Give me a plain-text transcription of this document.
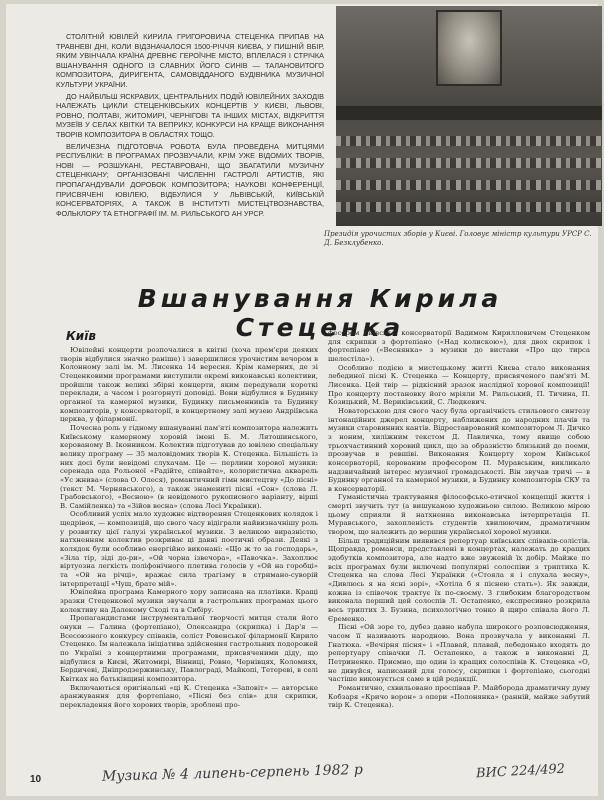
СТОЛІТНІЙ ЮВІЛЕЙ КИРИЛА ГРИГОРОВИЧА СТЕЦЕНКА ПРИПАВ НА ТРАВНЕВІ ДНІ, КОЛИ ВІДЗНАЧАЛОСЯ 1500-РІЧЧЯ КИЄВА, У ПИШНІЙ ВБІР, ЯКИМ УВІНЧАЛА КРАЇНА ДРЕВНЄ ГЕРОЇЧНЕ МІСТО, ВПЛЕЛАСЯ І СТРІЧКА ВШАНУВАННЯ ОДНОГО ІЗ СЛАВНИХ ЙОГО СИНІВ — ТАЛАНОВИТОГО КОМПОЗИТОРА, ДИРИГЕНТА, САМОВІДДАНОГО БУДІВНИКА МУЗИЧНОЇ КУЛЬТУРИ УКРАЇНИ.

ДО НАЙБІЛЬШ ЯСКРАВИХ, ЦЕНТРАЛЬНИХ ПОДІЙ ЮВІЛЕЙНИХ ЗАХОДІВ НАЛЕЖАТЬ ЦИКЛИ СТЕЦЕНКІВСЬКИХ КОНЦЕРТІВ У КИЄВІ, ЛЬВОВІ, РОВНО, ПОЛТАВІ, ЖИТОМИРІ, ЧЕРНІГОВІ ТА ІНШИХ МІСТАХ, ВІДКРИТТЯ МУЗЕЇВ У СЕЛАХ КВІТКИ ТА ВЕПРИКУ, КОНКУРСИ НА КРАЩЕ ВИКОНАННЯ ТВОРІВ КОМПОЗИТОРА В ОБЛАСТЯХ ТОЩО.

ВЕЛИЧЕЗНА ПІДГОТОВЧА РОБОТА БУЛА ПРОВЕДЕНА МИТЦЯМИ РЕСПУБЛІКИ: В ПРОГРАМАХ ПРОЗВУЧАЛИ, КРІМ УЖЕ ВІДОМИХ ТВОРІВ, НОВІ — РОЗШУКАНІ, РЕСТАВРОВАНІ, ЩО ЗБАГАТИЛИ МУЗИЧНУ СТЕЦЕНКІАНУ; ОРГАНІЗОВАНІ ЧИСЛЕННІ ГАСТРОЛІ АРТИСТІВ, ЯКІ ПРОПАГАНДУВАЛИ ДОРОБОК КОМПОЗИТОРА; НАУКОВІ КОНФЕРЕНЦІЇ, ПРИСВЯЧЕНІ ЮВІЛЕЮ, ВІДБУЛИСЯ У ЛЬВІВСЬКІЙ, КИЇВСЬКІЙ КОНСЕРВАТОРІЯХ, А ТАКОЖ В ІНСТИТУТІ МИСТЕЦТВОЗНАВСТВА, ФОЛЬКЛОРУ ТА ЕТНОГРАФІЇ ІМ. М. РИЛЬСЬКОГО АН УРСР.

Президія урочистих зборів у Києві. Головує міністр культури УРСР С. Д. Безклубенко.
Вшанування Кирила Стеценка
Київ

Ювілейні концерти розпочалися в квітні (хоча прем'єри деяких творів відбулися значно раніше) і завершилися урочистим вечором в Колонному залі ім. М. Лисенка 14 вересня. Крім камерних, де зі Стеценковими програмами виступили окремі виконавські колективи, пройшли також великі збірні концерти, яким передували короткі переклади, а часом і розгорнуті доповіді. Вони відбулися в Будинку органної та камерної музики, Будинку письменників та Будинку композиторів, у консерваторії, в концертному залі музею Андріївська церква, у філармонії.

Почесна роль у гідному вшануванні пам'яті композитора належить Київському камерному хоровій імені Б. М. Лятошинського, керованому В. Іконником. Колектив підготував до ювілею спеціальну велику програму — 35 маловідомих творів К. Стеценка. Більшість із них досі були невідомі слухачам. Це — перлини хорової музики: серенада ода Рольоної «Радійте, співайте», колористична акварель «Ус жнива» (слова О. Олеся), романтичний гімн мистецтву «До пісні» (текст М. Чернявського), а також знамениті пісні «Сон» (слова Л. Грабовського), «Весною» (в невідомого рукописного варіанту, вірші В. Самійленка) та «Зійов весна» (слова Лесі Українки).

Особливий успіх мало художнє відтворення Стеценкових колядок і щедрівок, — композицій, що свого часу відіграли найвизначнішу роль у розвитку цієї галузі української музики. З великою виразністю, натхненням колектив розкриває ці давні поетичні образи. Деякі з колядок були особливо енергійно виконані: «Що ж то за господарь», «Зіла тір, зіді до-ри», «Ой чорна ізвечора», «Павочка». Захоплює віртуозна легкість поліфонічного плетива голосів у «Ой на горобці» та «Ой на річці», вражає сила трагізму в стримано-суворій інтерпретації «Чуш, брате мій».

Ювілейна програма Камерного хору записана на платівки. Кращі зразки Стеценкової музики звучали в гастрольних програмах цього колективу на Далекому Сході та в Сибіру.

Пропагандистами інструментальної творчості митця стали його онуки — Галина (фортепіано), Олександра (скрипка) і Дар'я — Всесоюзного конкурсу співаків, соліст Ровенської філармонії Кирило Стеценко. Їм належала ініціатива здійснення гастрольних подорожей по Україні з концертними програмами, присвяченими діду, що відбулися в Києві, Житомирі, Вінниці, Ровно, Чернівцях, Коломиях, Бердичеві, Дніпродзержинську, Павлограді, Майкопі, Тетереві, в селі Квітках на батьківщині композитора.

Включаються оригінальні «ці К. Стеценка «Заповіт» — авторське аранжування для фортепіано, «Пісні без слів» для скрипки, перекладення його хорових творів, зроблені про-

фесором Київської консерваторії Вадимом Кирилловичем Стеценком для скрипки з фортепіано («Над колискою»), для двох скрипок і фортепіано («Веснянка» з музики до вистави «Про що тирса шелестіла»).

Особливо подією в мистецькому житті Києва стало виконання лебединої пісні К. Стеценка — Концерту, присвяченого пам'яті М. Лисенка. Цей твір — рідкісний зразок наслідної хорової композиції! Про концерту постановку його мріяли М. Рильський, П. Тичина, П. Козицький, М. Вериківський, С. Людкевич.

Новаторською для свого часу була органічність стильового синтезу інтонаційних джерел концерту, наближених до народних плачів та музики старовинних кантів. Відреставрований композитором Л. Дичко з ноним, хиліжним текстом Д. Павличка, тому явище собою трьохчастинний хоровий цикл, що за образністю близький до поеми, прозвучав в ревшіві. Виконання Концерту хором Київської консерваторії, керованим професором П. Муравським, викликало надзвичайний інтерес музичної громадськості. Він звучав тричі — в Будинку органної та камерної музики, в Будинку композиторів СКУ та в консерваторії.

Гуманістична трактування філософсько-етичної концепції життя і смерті звучить тут (а вишуканою художньою силою. Великою мірою цьому сприяли й натхненна виконавська інтерпретація П. Муравського, захопленість студентів хвилюючим, драматичним твором, що належить до вершин української хорової музики.

Більш традиційним виявився репертуар київських співаків-солістів. Щоправда, романси, представлені в концертах, належать до кращих здобутків композитора, але надто вже звуженій їх добір. Майже по всіх програмах були включені популярні солоспіви з триптиха К. Стеценка на слова Лесі Українки («Стояла я і слухала весну», «Дивлюсь я на ясні зорі», «Хотіла б я піснею стать»). Як завжди, кожна із співочок трактує їх по-своєму. З глибоким благородством виконала перший цей солоспів Л. Остапенко, експресивно розкрила весь триптих З. Бузина, психологічно тонко й щиро співала його Л. Єременко.

Пісні «Ой зоре то, дубез давно набула широкого розповсюдження, часом її називають народною. Вона прозвучала у виконанні Л. Гнатюка. «Вечірня пісня» і «Плавай, плавай, лебедонько входять до репертуару співачки Л. Остапенко, а також в виконанні Д. Петриненко. Приємно, що один із кращих солоспівів К. Стеценка «О, не дивуйся, написаний для голосу, скрипки і фортепіано, сьогодні частіше виконується саме в цій редакції.

Романтично, схвильовано проспівав Р. Майборода драматичну думу Кобзаря «Кричо ворон» з опери «Полонянка» (ранній, майже забутий твір К. Стеценка).

10	Музика № 4 липень-серпень 1982 р	ВИС 224/492
